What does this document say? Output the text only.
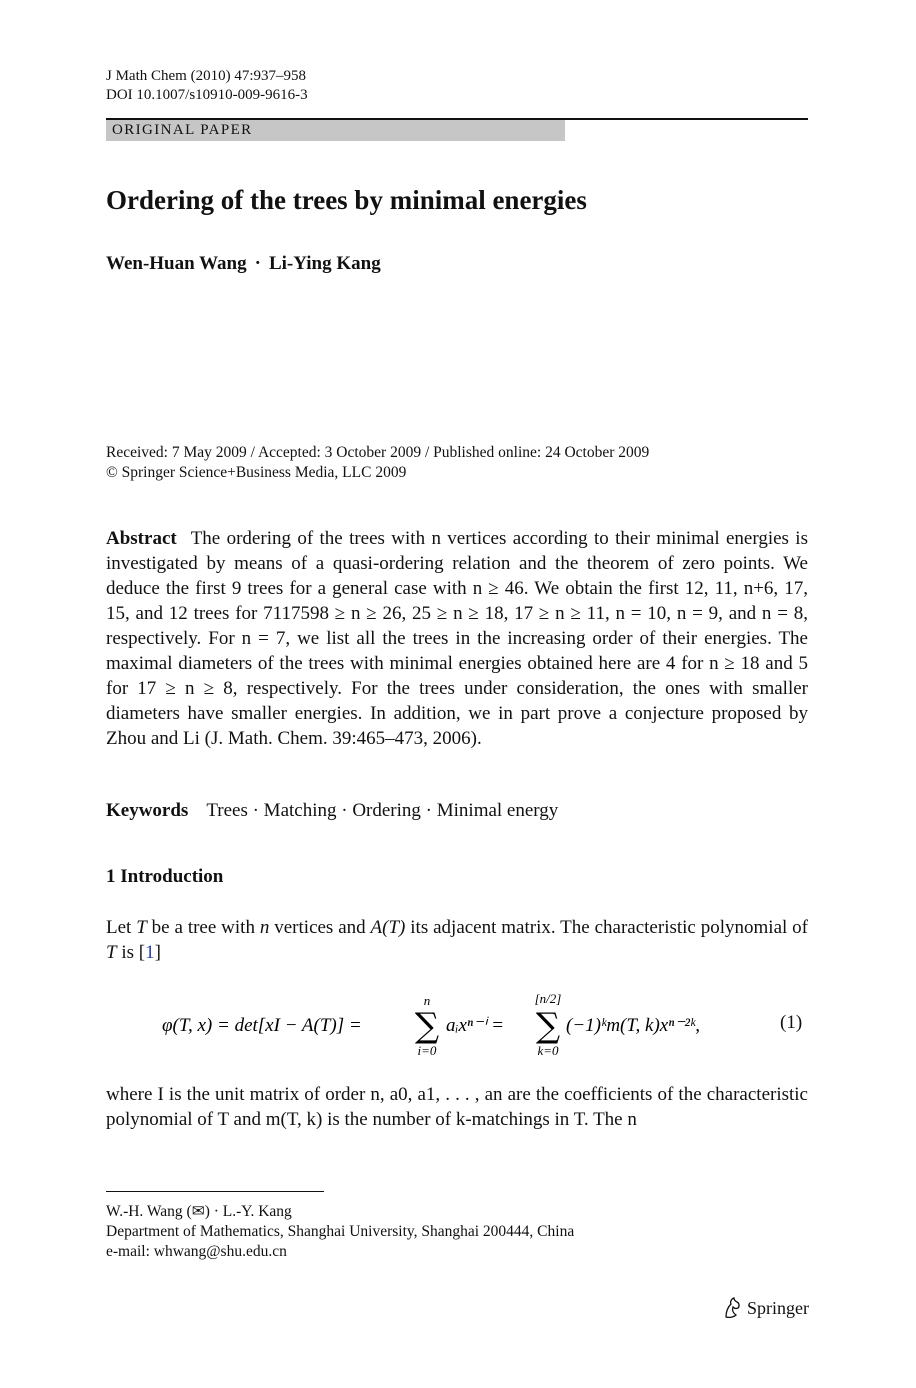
J Math Chem (2010) 47:937–958
DOI 10.1007/s10910-009-9616-3
ORIGINAL PAPER
Ordering of the trees by minimal energies
Wen-Huan Wang · Li-Ying Kang
Received: 7 May 2009 / Accepted: 3 October 2009 / Published online: 24 October 2009
© Springer Science+Business Media, LLC 2009
Abstract The ordering of the trees with n vertices according to their minimal energies is investigated by means of a quasi-ordering relation and the theorem of zero points. We deduce the first 9 trees for a general case with n ≥ 46. We obtain the first 12, 11, n+6, 17, 15, and 12 trees for 7117598 ≥ n ≥ 26, 25 ≥ n ≥ 18, 17 ≥ n ≥ 11, n = 10, n = 9, and n = 8, respectively. For n = 7, we list all the trees in the increasing order of their energies. The maximal diameters of the trees with minimal energies obtained here are 4 for n ≥ 18 and 5 for 17 ≥ n ≥ 8, respectively. For the trees under consideration, the ones with smaller diameters have smaller energies. In addition, we in part prove a conjecture proposed by Zhou and Li (J. Math. Chem. 39:465–473, 2006).
Keywords Trees · Matching · Ordering · Minimal energy
1 Introduction
Let T be a tree with n vertices and A(T) its adjacent matrix. The characteristic polynomial of T is [1]
φ(T, x) = det[xI − A(T)] =
n
∑
i=0
aᵢxⁿ⁻ⁱ =
[n/2]
∑
k=0
(−1)ᵏm(T, k)xⁿ⁻²ᵏ,	(1)
where I is the unit matrix of order n, a0, a1, . . . , an are the coefficients of the characteristic polynomial of T and m(T, k) is the number of k-matchings in T. The n
W.-H. Wang (✉) · L.-Y. Kang
Department of Mathematics, Shanghai University, Shanghai 200444, China
e-mail: whwang@shu.edu.cn
Springer
